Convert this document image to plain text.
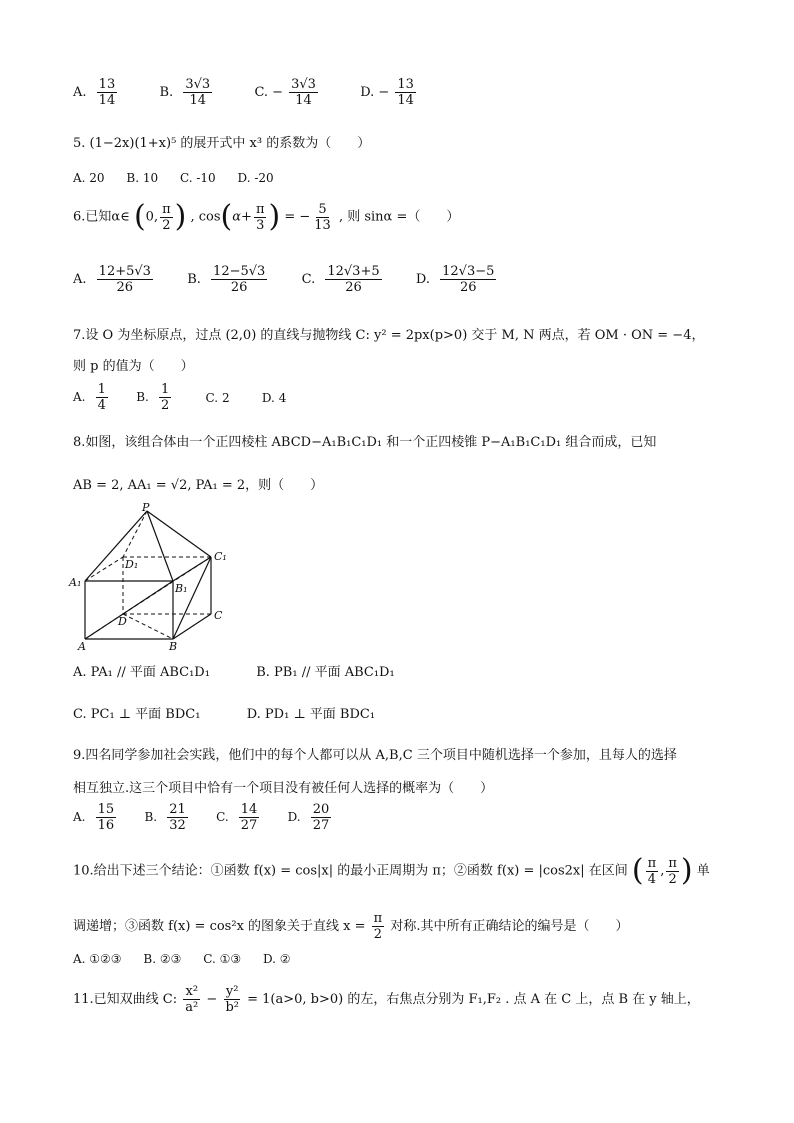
A. $\frac{13}{14}$	B. $\frac{3√3}{14}$	C. − $\frac{3√3}{14}$	D. − $\frac{13}{14}$
5. (1−2x)(1+x)⁵ 的展开式中 x³ 的系数为（　　）
A. 20 B. 10 C. -10 D. -20
6.已知α∈ (0, $\frac{\pi}{2}$ ) , $\cos(\alpha+ \frac{\pi}{3}$ ) = − $\frac{5}{13}$ , 则 sinα =（　　）
A. $\frac{12+5√3}{26}$	B. $\frac{12-5√3}{26}$	C. $\frac{12√3+5}{26}$	D. $\frac{12√3-5}{26}$
7.设 O 为坐标原点，过点 (2,0) 的直线与抛物线 C: y² = 2px(p>0) 交于 M, N 两点，若 OM · ON = −4，
则 p 的值为（　　）
A. $\frac{1}{4} B$. $\frac{1}{2}$	C. 2	D. 4
8.如图，该组合体由一个正四棱柱 ABCD−A₁B₁C₁D₁ 和一个正四棱锥 P−A₁B₁C₁D₁ 组合而成，已知
AB = 2, AA₁ = √2, PA₁ = 2，则（　　）
P
D₁
C₁
A₁	B₁
D	C
A	B
A. PA₁ // 平面 ABC₁D₁	B. PB₁ // 平面 ABC₁D₁
C. PC₁ ⊥ 平面 BDC₁	D. PD₁ ⊥ 平面 BDC₁
9.四名同学参加社会实践，他们中的每个人都可以从 A,B,C 三个项目中随机选择一个参加，且每人的选择
相互独立.这三个项目中恰有一个项目没有被任何人选择的概率为（　　）
A. $\frac{15}{16} B$. $\frac{21}{32} C$. $\frac{14}{27} D$. $\frac{20}{27}$
10.给出下述三个结论：①函数 f(x) = cos|x| 的最小正周期为 π；②函数 f(x) = |cos2x| 在区间 ( $\frac{\pi}{4}$ , $\frac{\pi}{2}$ ) 单
调递增；③函数 f(x) = cos²x 的图象关于直线 $x = \frac{\pi}{2}$ 对称.其中所有正确结论的编号是（　　）
A. ①②③ B. ②③ C. ①③ D. ②
11.已知双曲线 C: $\frac{\text{x²}}{\text{a²}} - \frac{\text{y²}}{\text{b²}} = 1(a>0$, b>0) 的左，右焦点分别为 F₁,F₂ . 点 A 在 C 上，点 B 在 y 轴上，
